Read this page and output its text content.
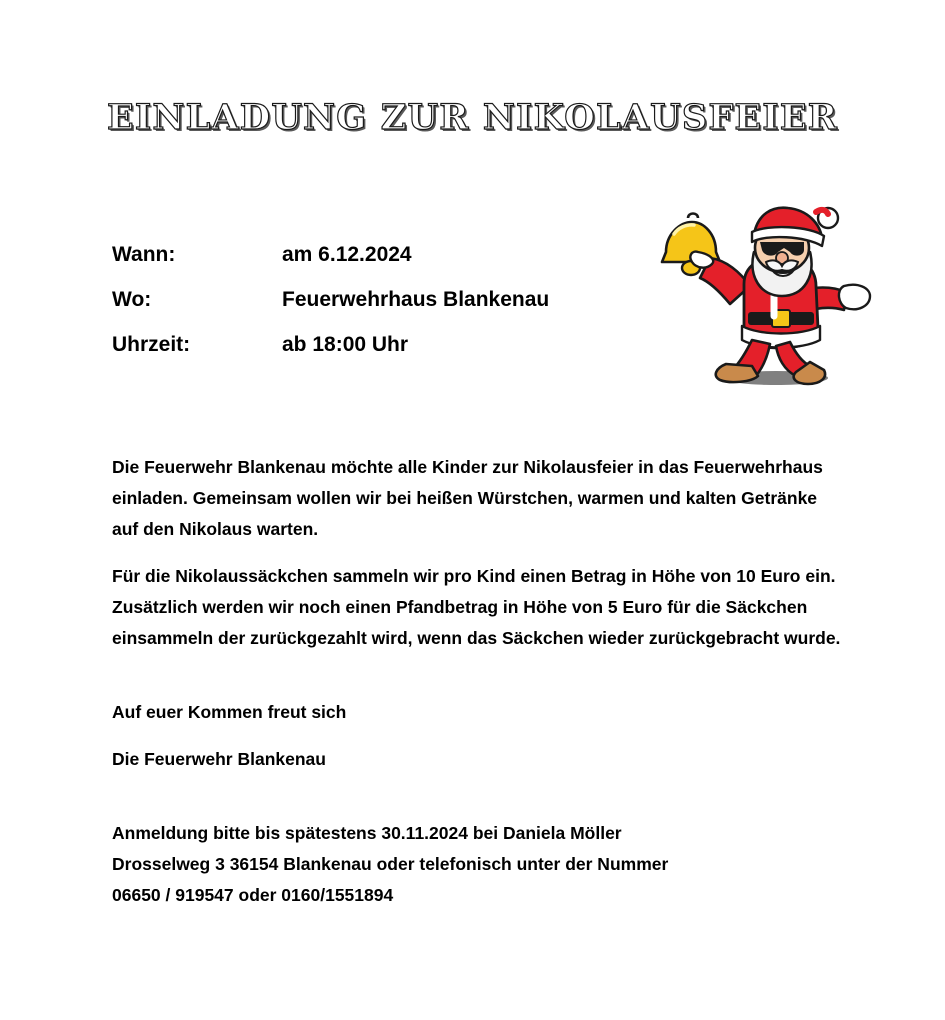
EINLADUNG ZUR NIKOLAUSFEIER
Wann:	am 6.12.2024
Wo:	Feuerwehrhaus Blankenau
Uhrzeit:	ab 18:00 Uhr

Die Feuerwehr Blankenau möchte alle Kinder zur Nikolausfeier in das Feuerwehrhaus einladen. Gemeinsam wollen wir bei heißen Würstchen, warmen und kalten Getränke auf den Nikolaus warten.

Für die Nikolaussäckchen sammeln wir pro Kind einen Betrag in Höhe von 10 Euro ein. Zusätzlich werden wir noch einen Pfandbetrag in Höhe von 5 Euro für die Säckchen einsammeln der zurückgezahlt wird, wenn das Säckchen wieder zurückgebracht wurde.

Auf euer Kommen freut sich

Die Feuerwehr Blankenau

Anmeldung bitte bis spätestens 30.11.2024 bei Daniela Möller

Drosselweg 3 36154 Blankenau oder telefonisch unter der Nummer

06650 / 919547 oder 0160/1551894
